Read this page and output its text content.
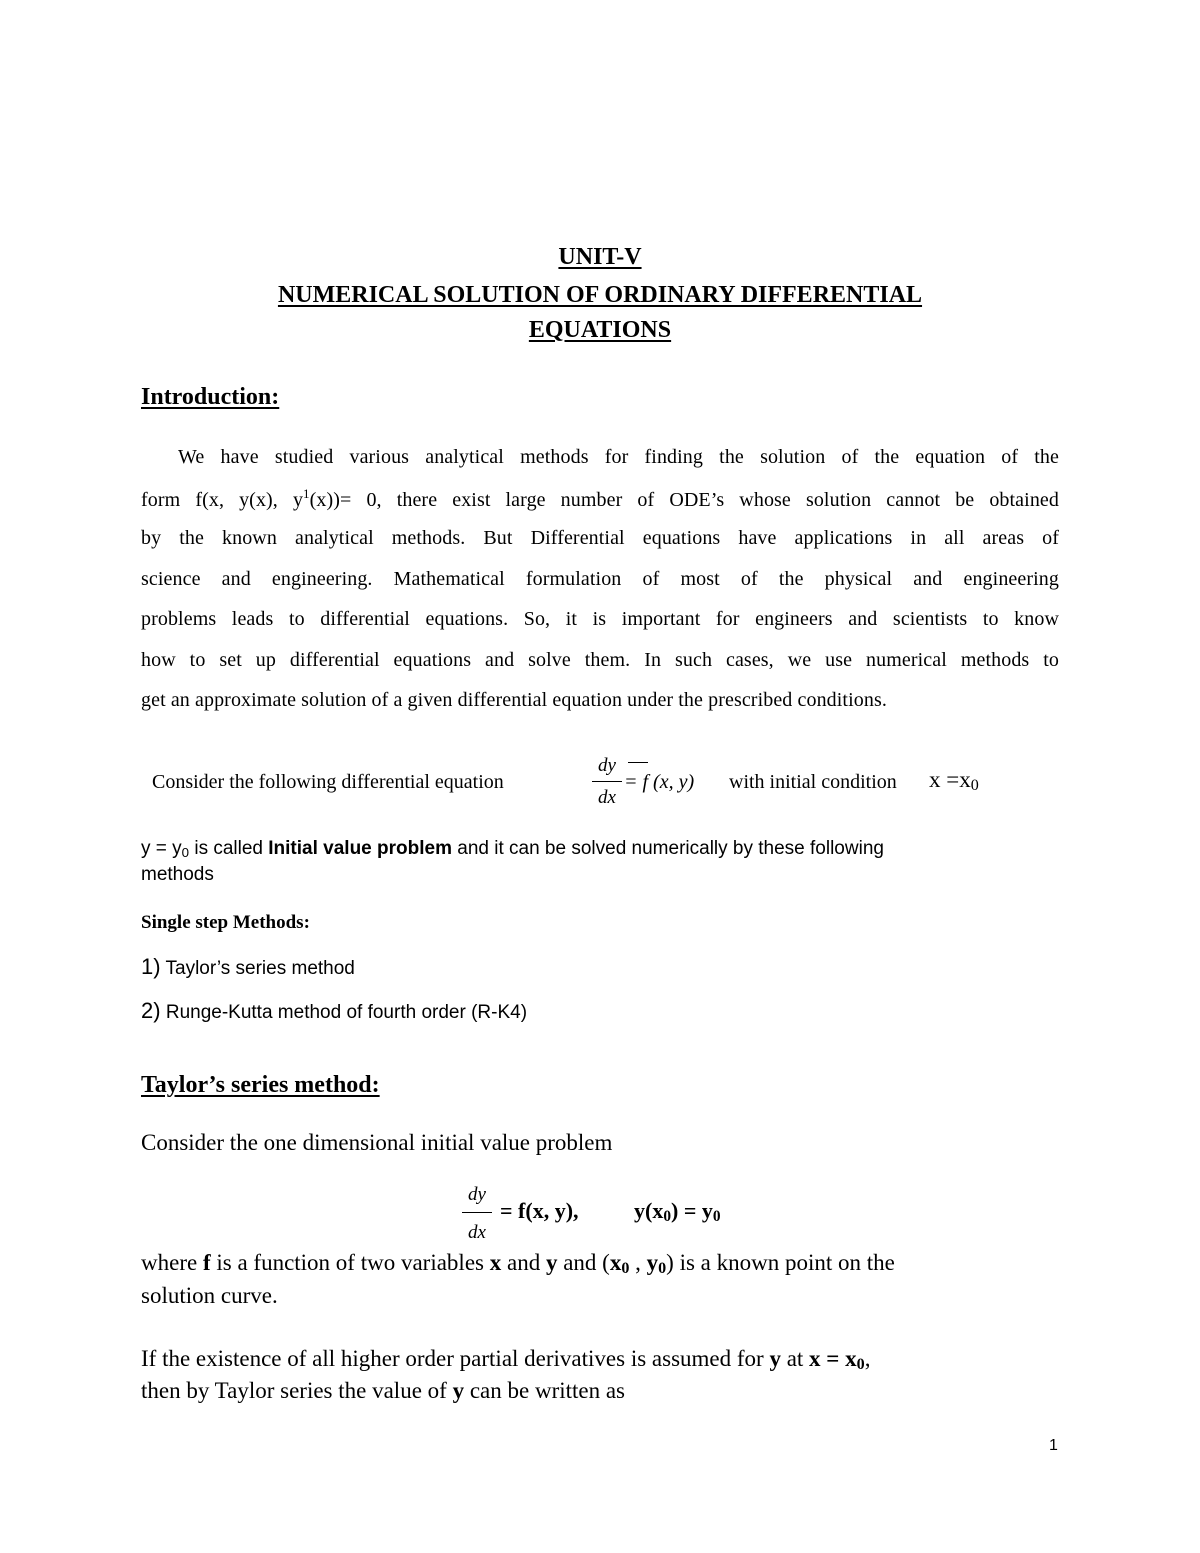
UNIT-V
NUMERICAL SOLUTION OF ORDINARY DIFFERENTIAL
EQUATIONS
Introduction:
We have studied various analytical methods for finding the solution of the equation of the
form f(x, y(x), $y^1(x))= 0$, there exist large number of ODE’s whose solution cannot be obtained
by the known analytical methods. But Differential equations have applications in all areas of
science and engineering. Mathematical formulation of most of the physical and engineering
problems leads to differential equations. So, it is important for engineers and scientists to know
how to set up differential equations and solve them. In such cases, we use numerical methods to
get an approximate solution of a given differential equation under the prescribed conditions.
Consider the following differential equation
dy
dx
= f (x, y) with initial condition $x =x_0$
$y = y_0$ is called Initial value problem and it can be solved numerically by these following
methods
Single step Methods:
1) Taylor’s series method
2) Runge-Kutta method of fourth order (R-K4)
Taylor’s series method:
Consider the one dimensional initial value problem
dy
dx
= f(x, y),	$y(x_0) = y_0$
where f is a function of two variables x and y and ($x_0$ , $y_0$) is a known point on the
solution curve.
If the existence of all higher order partial derivatives is assumed for y at $x = x_0$,
then by Taylor series the value of y can be written as
1
